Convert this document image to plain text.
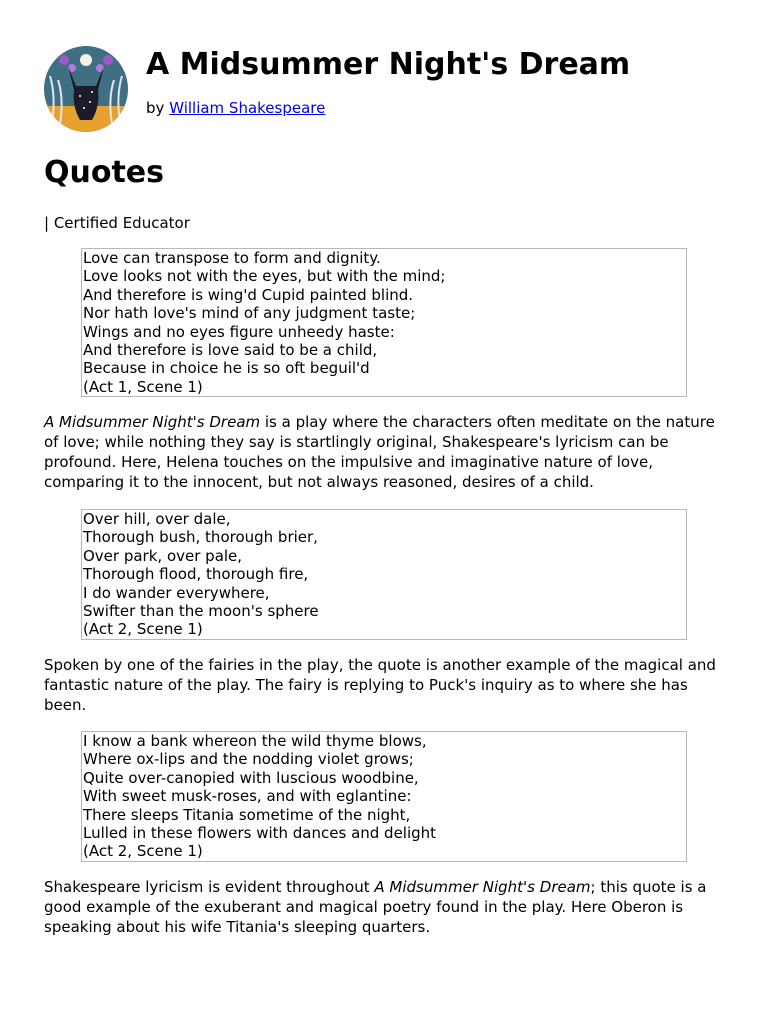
A Midsummer Night's Dream
by William Shakespeare
Quotes
| Certified Educator
Love can transpose to form and dignity.
Love looks not with the eyes, but with the mind;
And therefore is wing'd Cupid painted blind.
Nor hath love's mind of any judgment taste;
Wings and no eyes figure unheedy haste:
And therefore is love said to be a child,
Because in choice he is so oft beguil'd
(Act 1, Scene 1)

A Midsummer Night's Dream is a play where the characters often meditate on the nature of love; while nothing they say is startlingly original, Shakespeare's lyricism can be profound. Here, Helena touches on the impulsive and imaginative nature of love, comparing it to the innocent, but not always reasoned, desires of a child.

Over hill, over dale,
Thorough bush, thorough brier,
Over park, over pale,
Thorough flood, thorough fire,
I do wander everywhere,
Swifter than the moon's sphere
(Act 2, Scene 1)

Spoken by one of the fairies in the play, the quote is another example of the magical and fantastic nature of the play. The fairy is replying to Puck's inquiry as to where she has been.

I know a bank whereon the wild thyme blows,
Where ox-lips and the nodding violet grows;
Quite over-canopied with luscious woodbine,
With sweet musk-roses, and with eglantine:
There sleeps Titania sometime of the night,
Lulled in these flowers with dances and delight
(Act 2, Scene 1)

Shakespeare lyricism is evident throughout A Midsummer Night's Dream; this quote is a good example of the exuberant and magical poetry found in the play. Here Oberon is speaking about his wife Titania's sleeping quarters.
